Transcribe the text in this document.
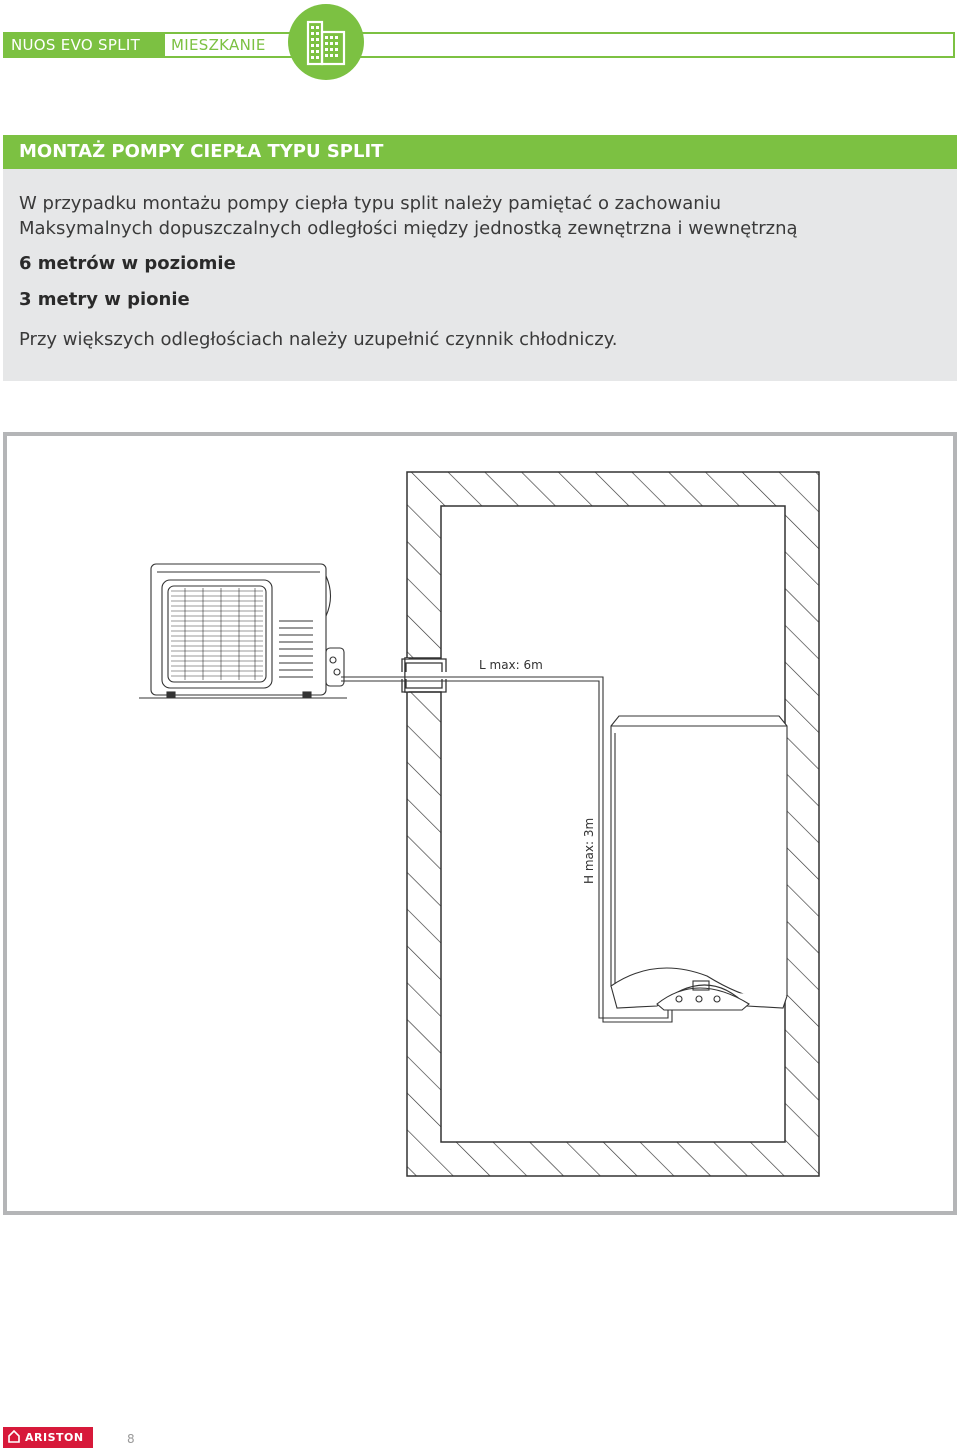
NUOS EVO SPLIT	MIESZKANIE
MONTAŻ POMPY CIEPŁA TYPU SPLIT
W przypadku montażu pompy ciepła typu split należy pamiętać o zachowaniu
Maksymalnych dopuszczalnych odległości między jednostką zewnętrzna i wewnętrzną
6 metrów w poziomie
3 metry w pionie
Przy większych odległościach należy uzupełnić czynnik chłodniczy.
L max: 6m
H max: 3m
ARISTON	8
